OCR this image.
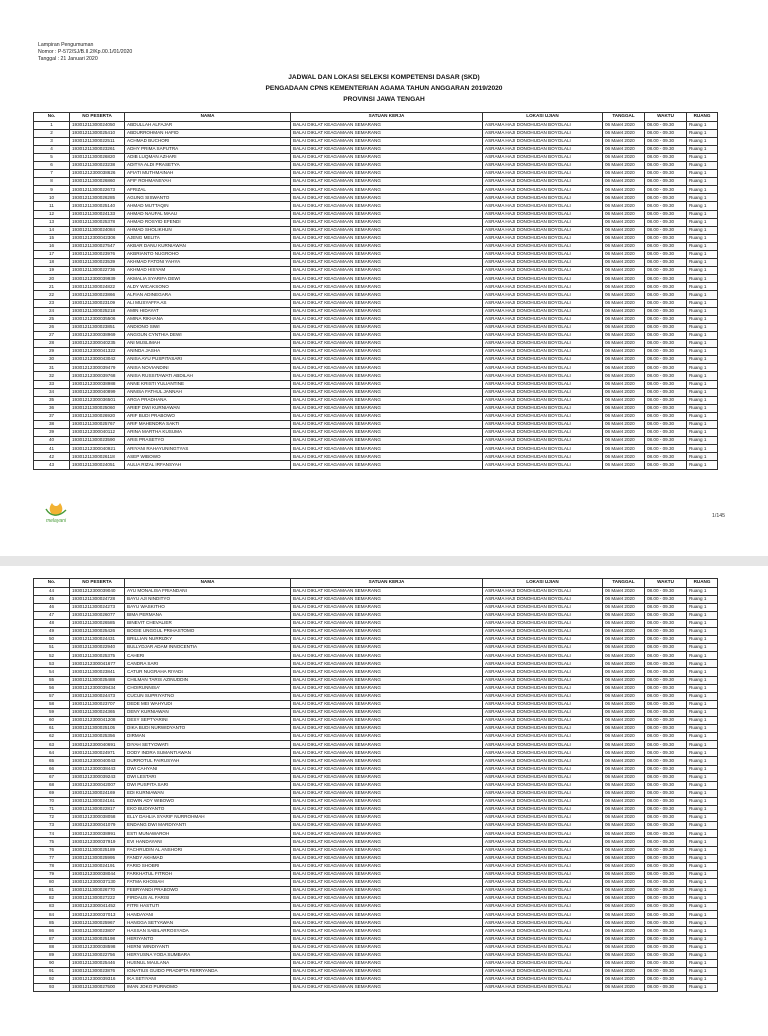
Lampiran Pengumuman
Nomor : P-572/SJ/B.II.2/Kp.00.1/01/2020
Tanggal : 21 Januari 2020
JADWAL DAN LOKASI SELEKSI KOMPETENSI DASAR (SKD)
PENGADAAN CPNS KEMENTERIAN AGAMA TAHUN ANGGARAN 2019/2020
PROVINSI JAWA TENGAH
No.	NO PESERTA	NAMA	SATUAN KERJA	LOKASI UJIAN	TANGGAL	WAKTU	RUANG
1	19301211300024050	ABDULLAH ALFAJAR	BALAI DIKLAT KEAGAMAAN SEMARANG	ASRAMA HAJI DONOHUDAN BOYOLALI	06 Maret 2020	08.00 - 09.30	Ruang 1
2	19301211300025410	ABDURROHMAN HAFID	BALAI DIKLAT KEAGAMAAN SEMARANG	ASRAMA HAJI DONOHUDAN BOYOLALI	06 Maret 2020	08.00 - 09.30	Ruang 1
3	19301211300022511	ACHMAD BUCHORI	BALAI DIKLAT KEAGAMAAN SEMARANG	ASRAMA HAJI DONOHUDAN BOYOLALI	06 Maret 2020	08.00 - 09.30	Ruang 1
4	19301211300023261	ADHY PRIMA SAPUTRA	BALAI DIKLAT KEAGAMAAN SEMARANG	ASRAMA HAJI DONOHUDAN BOYOLALI	06 Maret 2020	08.00 - 09.30	Ruang 1
5	19301211300026820	ADIB LUQMAN AZHARI	BALAI DIKLAT KEAGAMAAN SEMARANG	ASRAMA HAJI DONOHUDAN BOYOLALI	06 Maret 2020	08.00 - 09.30	Ruang 1
6	19301211300023238	ADITYA ALDI PRASETYA	BALAI DIKLAT KEAGAMAAN SEMARANG	ASRAMA HAJI DONOHUDAN BOYOLALI	06 Maret 2020	08.00 - 09.30	Ruang 1
7	19301212300038626	AFIATI MUTHMAINAH	BALAI DIKLAT KEAGAMAAN SEMARANG	ASRAMA HAJI DONOHUDAN BOYOLALI	06 Maret 2020	08.00 - 09.30	Ruang 1
8	19301211300026860	AFIF ROHMANSYAH	BALAI DIKLAT KEAGAMAAN SEMARANG	ASRAMA HAJI DONOHUDAN BOYOLALI	06 Maret 2020	08.00 - 09.30	Ruang 1
9	19301211300022673	AFRIZAL	BALAI DIKLAT KEAGAMAAN SEMARANG	ASRAMA HAJI DONOHUDAN BOYOLALI	06 Maret 2020	08.00 - 09.30	Ruang 1
10	19301211300026285	AGUNG SISWANTO	BALAI DIKLAT KEAGAMAAN SEMARANG	ASRAMA HAJI DONOHUDAN BOYOLALI	06 Maret 2020	08.00 - 09.30	Ruang 1
11	19301211300025140	AHMAD MUTTAQIN	BALAI DIKLAT KEAGAMAAN SEMARANG	ASRAMA HAJI DONOHUDAN BOYOLALI	06 Maret 2020	08.00 - 09.30	Ruang 1
12	19301211300024133	AHMAD NAUFAL MAAU	BALAI DIKLAT KEAGAMAAN SEMARANG	ASRAMA HAJI DONOHUDAN BOYOLALI	06 Maret 2020	08.00 - 09.30	Ruang 1
13	19301211300025378	AHMAD ROSYID EFENDI	BALAI DIKLAT KEAGAMAAN SEMARANG	ASRAMA HAJI DONOHUDAN BOYOLALI	06 Maret 2020	08.00 - 09.30	Ruang 1
14	19301211300024084	AHMAD SHOLIKHUN	BALAI DIKLAT KEAGAMAAN SEMARANG	ASRAMA HAJI DONOHUDAN BOYOLALI	06 Maret 2020	08.00 - 09.30	Ruang 1
15	19301212300042306	AJENG MELITA	BALAI DIKLAT KEAGAMAAN SEMARANG	ASRAMA HAJI DONOHUDAN BOYOLALI	06 Maret 2020	08.00 - 09.30	Ruang 1
16	19301211300027547	AKBAR DANU KURNIAWAN	BALAI DIKLAT KEAGAMAAN SEMARANG	ASRAMA HAJI DONOHUDAN BOYOLALI	06 Maret 2020	08.00 - 09.30	Ruang 1
17	19301211300023976	AKBRIANTO NUGROHO	BALAI DIKLAT KEAGAMAAN SEMARANG	ASRAMA HAJI DONOHUDAN BOYOLALI	06 Maret 2020	08.00 - 09.30	Ruang 1
18	19301211300023539	AKHMAD FATONI YAHYA	BALAI DIKLAT KEAGAMAAN SEMARANG	ASRAMA HAJI DONOHUDAN BOYOLALI	06 Maret 2020	08.00 - 09.30	Ruang 1
19	19301211300022736	AKHMAD HISYAM	BALAI DIKLAT KEAGAMAAN SEMARANG	ASRAMA HAJI DONOHUDAN BOYOLALI	06 Maret 2020	08.00 - 09.30	Ruang 1
20	19301212300039939	AKMALIA SYARIFA DEWI	BALAI DIKLAT KEAGAMAAN SEMARANG	ASRAMA HAJI DONOHUDAN BOYOLALI	06 Maret 2020	08.00 - 09.30	Ruang 1
21	19301211300024822	ALDY WICAKSONO	BALAI DIKLAT KEAGAMAAN SEMARANG	ASRAMA HAJI DONOHUDAN BOYOLALI	06 Maret 2020	08.00 - 09.30	Ruang 1
22	19301211300023866	ALFIAN ADINEGARA	BALAI DIKLAT KEAGAMAAN SEMARANG	ASRAMA HAJI DONOHUDAN BOYOLALI	06 Maret 2020	08.00 - 09.30	Ruang 1
23	19301211300023109	ALI MUSYAFFA AS	BALAI DIKLAT KEAGAMAAN SEMARANG	ASRAMA HAJI DONOHUDAN BOYOLALI	06 Maret 2020	08.00 - 09.30	Ruang 1
24	19301211300025218	AMIN HIDAYAT	BALAI DIKLAT KEAGAMAAN SEMARANG	ASRAMA HAJI DONOHUDAN BOYOLALI	06 Maret 2020	08.00 - 09.30	Ruang 1
25	19301212300035506	AMINA RIKHANA	BALAI DIKLAT KEAGAMAAN SEMARANG	ASRAMA HAJI DONOHUDAN BOYOLALI	06 Maret 2020	08.00 - 09.30	Ruang 1
26	19301211300023851	ANDIONO SIWI	BALAI DIKLAT KEAGAMAAN SEMARANG	ASRAMA HAJI DONOHUDAN BOYOLALI	06 Maret 2020	08.00 - 09.30	Ruang 1
27	19301212300038969	ANGGUN CYNTHIA DEWI	BALAI DIKLAT KEAGAMAAN SEMARANG	ASRAMA HAJI DONOHUDAN BOYOLALI	06 Maret 2020	08.00 - 09.30	Ruang 1
28	19301212300040235	ANI MUSLIMAH	BALAI DIKLAT KEAGAMAAN SEMARANG	ASRAMA HAJI DONOHUDAN BOYOLALI	06 Maret 2020	08.00 - 09.30	Ruang 1
29	19301212300041322	ANINDA JASHA	BALAI DIKLAT KEAGAMAAN SEMARANG	ASRAMA HAJI DONOHUDAN BOYOLALI	06 Maret 2020	08.00 - 09.30	Ruang 1
30	19301212300043042	ANISA AYU PUSPITASARI	BALAI DIKLAT KEAGAMAAN SEMARANG	ASRAMA HAJI DONOHUDAN BOYOLALI	06 Maret 2020	08.00 - 09.30	Ruang 1
31	19301212300039479	ANISA NOVIANDINI	BALAI DIKLAT KEAGAMAAN SEMARANG	ASRAMA HAJI DONOHUDAN BOYOLALI	06 Maret 2020	08.00 - 09.30	Ruang 1
32	19301212300039768	ANISA RUSSITAWATI ABDILAH	BALAI DIKLAT KEAGAMAAN SEMARANG	ASRAMA HAJI DONOHUDAN BOYOLALI	06 Maret 2020	08.00 - 09.30	Ruang 1
33	19301212300038988	ANNE KRISTI YULIANTINE	BALAI DIKLAT KEAGAMAAN SEMARANG	ASRAMA HAJI DONOHUDAN BOYOLALI	06 Maret 2020	08.00 - 09.30	Ruang 1
34	19301212300040899	ANNISA FATHUL JANNAH	BALAI DIKLAT KEAGAMAAN SEMARANG	ASRAMA HAJI DONOHUDAN BOYOLALI	06 Maret 2020	08.00 - 09.30	Ruang 1
35	19301212300036501	ARGA PRADHANA	BALAI DIKLAT KEAGAMAAN SEMARANG	ASRAMA HAJI DONOHUDAN BOYOLALI	06 Maret 2020	08.00 - 09.30	Ruang 1
36	19301211300025060	ARIEF DWI KURNIAWAN	BALAI DIKLAT KEAGAMAAN SEMARANG	ASRAMA HAJI DONOHUDAN BOYOLALI	06 Maret 2020	08.00 - 09.30	Ruang 1
37	19301211300026920	ARIF BUDI PRABOWO	BALAI DIKLAT KEAGAMAAN SEMARANG	ASRAMA HAJI DONOHUDAN BOYOLALI	06 Maret 2020	08.00 - 09.30	Ruang 1
38	19301211300025767	ARIF MAHENDRA SAKTI	BALAI DIKLAT KEAGAMAAN SEMARANG	ASRAMA HAJI DONOHUDAN BOYOLALI	06 Maret 2020	08.00 - 09.30	Ruang 1
39	19301212300040112	ARINA MARTHA KUSUMA	BALAI DIKLAT KEAGAMAAN SEMARANG	ASRAMA HAJI DONOHUDAN BOYOLALI	06 Maret 2020	08.00 - 09.30	Ruang 1
40	19301211300023590	ARIS PRASETYO	BALAI DIKLAT KEAGAMAAN SEMARANG	ASRAMA HAJI DONOHUDAN BOYOLALI	06 Maret 2020	08.00 - 09.30	Ruang 1
41	19301212300040921	ARIYANI RAHAYUNINGTYAS	BALAI DIKLAT KEAGAMAAN SEMARANG	ASRAMA HAJI DONOHUDAN BOYOLALI	06 Maret 2020	08.00 - 09.30	Ruang 1
42	19301211300026118	ASEP WIBOWO	BALAI DIKLAT KEAGAMAAN SEMARANG	ASRAMA HAJI DONOHUDAN BOYOLALI	06 Maret 2020	08.00 - 09.30	Ruang 1
43	19301211300024051	AULIA RIZAL IRFANSYAH	BALAI DIKLAT KEAGAMAAN SEMARANG	ASRAMA HAJI DONOHUDAN BOYOLALI	06 Maret 2020	08.00 - 09.30	Ruang 1
melayani
1/145
No.	NO PESERTA	NAMA	SATUAN KERJA	LOKASI UJIAN	TANGGAL	WAKTU	RUANG
44	19301212300039040	AYU MONALISA FRIANDANI	BALAI DIKLAT KEAGAMAAN SEMARANG	ASRAMA HAJI DONOHUDAN BOYOLALI	06 Maret 2020	08.00 - 09.30	Ruang 1
45	19301211300024728	BAYU AJI NINDITYO	BALAI DIKLAT KEAGAMAAN SEMARANG	ASRAMA HAJI DONOHUDAN BOYOLALI	06 Maret 2020	08.00 - 09.30	Ruang 1
46	19301211300024273	BAYU WASKITHO	BALAI DIKLAT KEAGAMAAN SEMARANG	ASRAMA HAJI DONOHUDAN BOYOLALI	06 Maret 2020	08.00 - 09.30	Ruang 1
47	19301211300026077	BIMA PERMANA	BALAI DIKLAT KEAGAMAAN SEMARANG	ASRAMA HAJI DONOHUDAN BOYOLALI	06 Maret 2020	08.00 - 09.30	Ruang 1
48	19301211300026585	BINEVIT CHEVALIER	BALAI DIKLAT KEAGAMAAN SEMARANG	ASRAMA HAJI DONOHUDAN BOYOLALI	06 Maret 2020	08.00 - 09.30	Ruang 1
49	19301211300025426	BOGIE UNGGUL PRIHASTOMO	BALAI DIKLAT KEAGAMAAN SEMARANG	ASRAMA HAJI DONOHUDAN BOYOLALI	06 Maret 2020	08.00 - 09.30	Ruang 1
50	19301211300024431	BRILLIAN NURRIZKY	BALAI DIKLAT KEAGAMAAN SEMARANG	ASRAMA HAJI DONOHUDAN BOYOLALI	06 Maret 2020	08.00 - 09.30	Ruang 1
51	19301211300022940	BULLYDJAR ADAM INNOCENTIA	BALAI DIKLAT KEAGAMAAN SEMARANG	ASRAMA HAJI DONOHUDAN BOYOLALI	06 Maret 2020	08.00 - 09.30	Ruang 1
52	19301211300025375	CAHERI	BALAI DIKLAT KEAGAMAAN SEMARANG	ASRAMA HAJI DONOHUDAN BOYOLALI	06 Maret 2020	08.00 - 09.30	Ruang 1
53	19301212300041677	CANDRA SARI	BALAI DIKLAT KEAGAMAAN SEMARANG	ASRAMA HAJI DONOHUDAN BOYOLALI	06 Maret 2020	08.00 - 09.30	Ruang 1
54	19301211300023841	CATUR NUGRAHA RIYADI	BALAI DIKLAT KEAGAMAAN SEMARANG	ASRAMA HAJI DONOHUDAN BOYOLALI	06 Maret 2020	08.00 - 09.30	Ruang 1
55	19301211300025488	CHILMAN TARIS AZINUDDIN	BALAI DIKLAT KEAGAMAAN SEMARANG	ASRAMA HAJI DONOHUDAN BOYOLALI	06 Maret 2020	08.00 - 09.30	Ruang 1
56	19301212300039434	CHOIRUNNISA'	BALAI DIKLAT KEAGAMAAN SEMARANG	ASRAMA HAJI DONOHUDAN BOYOLALI	06 Maret 2020	08.00 - 09.30	Ruang 1
57	19301211300024473	CUCUN SUPRIYATNO	BALAI DIKLAT KEAGAMAAN SEMARANG	ASRAMA HAJI DONOHUDAN BOYOLALI	06 Maret 2020	08.00 - 09.30	Ruang 1
58	19301211300023707	DEDE MEI WAHYUDI	BALAI DIKLAT KEAGAMAAN SEMARANG	ASRAMA HAJI DONOHUDAN BOYOLALI	06 Maret 2020	08.00 - 09.30	Ruang 1
59	19301211300024365	DENY KURNIAWAN	BALAI DIKLAT KEAGAMAAN SEMARANG	ASRAMA HAJI DONOHUDAN BOYOLALI	06 Maret 2020	08.00 - 09.30	Ruang 1
60	19301212300041208	DESY SEPTYARINI	BALAI DIKLAT KEAGAMAAN SEMARANG	ASRAMA HAJI DONOHUDAN BOYOLALI	06 Maret 2020	08.00 - 09.30	Ruang 1
61	19301211300025105	DIKA BUDI NURWIDYANTO	BALAI DIKLAT KEAGAMAAN SEMARANG	ASRAMA HAJI DONOHUDAN BOYOLALI	06 Maret 2020	08.00 - 09.30	Ruang 1
62	19301211300025356	DIRMAN	BALAI DIKLAT KEAGAMAAN SEMARANG	ASRAMA HAJI DONOHUDAN BOYOLALI	06 Maret 2020	08.00 - 09.30	Ruang 1
63	19301212300040691	DIYAH SETYOWATI	BALAI DIKLAT KEAGAMAAN SEMARANG	ASRAMA HAJI DONOHUDAN BOYOLALI	06 Maret 2020	08.00 - 09.30	Ruang 1
64	19301211300024971	DODY INDRA SUMANTIAWAN	BALAI DIKLAT KEAGAMAAN SEMARANG	ASRAMA HAJI DONOHUDAN BOYOLALI	06 Maret 2020	08.00 - 09.30	Ruang 1
65	19301212300040043	DURROTUL FAIRUSYAH	BALAI DIKLAT KEAGAMAAN SEMARANG	ASRAMA HAJI DONOHUDAN BOYOLALI	06 Maret 2020	08.00 - 09.30	Ruang 1
66	19301212300038443	DWI CAHYANI	BALAI DIKLAT KEAGAMAAN SEMARANG	ASRAMA HAJI DONOHUDAN BOYOLALI	06 Maret 2020	08.00 - 09.30	Ruang 1
67	19301212300039243	DWI LESTARI	BALAI DIKLAT KEAGAMAAN SEMARANG	ASRAMA HAJI DONOHUDAN BOYOLALI	06 Maret 2020	08.00 - 09.30	Ruang 1
68	19301212300042007	DWI PUSPITA SARI	BALAI DIKLAT KEAGAMAAN SEMARANG	ASRAMA HAJI DONOHUDAN BOYOLALI	06 Maret 2020	08.00 - 09.30	Ruang 1
69	19301211300024169	EDI KURNIAWAN	BALAI DIKLAT KEAGAMAAN SEMARANG	ASRAMA HAJI DONOHUDAN BOYOLALI	06 Maret 2020	08.00 - 09.30	Ruang 1
70	19301211300024161	EDWIN ADY WIBOWO	BALAI DIKLAT KEAGAMAAN SEMARANG	ASRAMA HAJI DONOHUDAN BOYOLALI	06 Maret 2020	08.00 - 09.30	Ruang 1
71	19301211300022817	EKO BUDIYANTO	BALAI DIKLAT KEAGAMAAN SEMARANG	ASRAMA HAJI DONOHUDAN BOYOLALI	06 Maret 2020	08.00 - 09.30	Ruang 1
72	19301212300038058	ELLY DAHLIA SYARIF NURROHMAH	BALAI DIKLAT KEAGAMAAN SEMARANG	ASRAMA HAJI DONOHUDAN BOYOLALI	06 Maret 2020	08.00 - 09.30	Ruang 1
73	19301212300041079	ENDANG DWI MARDIYANTI	BALAI DIKLAT KEAGAMAAN SEMARANG	ASRAMA HAJI DONOHUDAN BOYOLALI	06 Maret 2020	08.00 - 09.30	Ruang 1
74	19301212300038991	ESTI MUNAWAROH	BALAI DIKLAT KEAGAMAAN SEMARANG	ASRAMA HAJI DONOHUDAN BOYOLALI	06 Maret 2020	08.00 - 09.30	Ruang 1
75	19301212300037919	EVI HANDAYANI	BALAI DIKLAT KEAGAMAAN SEMARANG	ASRAMA HAJI DONOHUDAN BOYOLALI	06 Maret 2020	08.00 - 09.30	Ruang 1
76	19301211300025189	FACHRUDIN AL ANSHORI	BALAI DIKLAT KEAGAMAAN SEMARANG	ASRAMA HAJI DONOHUDAN BOYOLALI	06 Maret 2020	08.00 - 09.30	Ruang 1
77	19301211300025995	FANDY AKHMAD	BALAI DIKLAT KEAGAMAAN SEMARANG	ASRAMA HAJI DONOHUDAN BOYOLALI	06 Maret 2020	08.00 - 09.30	Ruang 1
78	19301211300024191	FARID SHOBRI	BALAI DIKLAT KEAGAMAAN SEMARANG	ASRAMA HAJI DONOHUDAN BOYOLALI	06 Maret 2020	08.00 - 09.30	Ruang 1
79	19301212300038044	FARKHATUL FITROH	BALAI DIKLAT KEAGAMAAN SEMARANG	ASRAMA HAJI DONOHUDAN BOYOLALI	06 Maret 2020	08.00 - 09.30	Ruang 1
80	19301212300037130	FATMA KHOSIAH	BALAI DIKLAT KEAGAMAAN SEMARANG	ASRAMA HAJI DONOHUDAN BOYOLALI	06 Maret 2020	08.00 - 09.30	Ruang 1
81	19301211300026770	FEBRYANDI PRABOWO	BALAI DIKLAT KEAGAMAAN SEMARANG	ASRAMA HAJI DONOHUDAN BOYOLALI	06 Maret 2020	08.00 - 09.30	Ruang 1
82	19301211300027222	FIRDAUS AL FARISI	BALAI DIKLAT KEAGAMAAN SEMARANG	ASRAMA HAJI DONOHUDAN BOYOLALI	06 Maret 2020	08.00 - 09.30	Ruang 1
83	19301212300041452	FITRI HASTUTI	BALAI DIKLAT KEAGAMAAN SEMARANG	ASRAMA HAJI DONOHUDAN BOYOLALI	06 Maret 2020	08.00 - 09.30	Ruang 1
84	19301212300037013	HANDAYANI	BALAI DIKLAT KEAGAMAAN SEMARANG	ASRAMA HAJI DONOHUDAN BOYOLALI	06 Maret 2020	08.00 - 09.30	Ruang 1
85	19301211300025967	HANGGA SETYAWAN	BALAI DIKLAT KEAGAMAAN SEMARANG	ASRAMA HAJI DONOHUDAN BOYOLALI	06 Maret 2020	08.00 - 09.30	Ruang 1
86	19301211300023807	HASSAN SABILARROSYADA	BALAI DIKLAT KEAGAMAAN SEMARANG	ASRAMA HAJI DONOHUDAN BOYOLALI	06 Maret 2020	08.00 - 09.30	Ruang 1
87	19301211300025198	HERIYANTO	BALAI DIKLAT KEAGAMAAN SEMARANG	ASRAMA HAJI DONOHUDAN BOYOLALI	06 Maret 2020	08.00 - 09.30	Ruang 1
88	19301212300038598	HERNI WINDIYANTI	BALAI DIKLAT KEAGAMAAN SEMARANG	ASRAMA HAJI DONOHUDAN BOYOLALI	06 Maret 2020	08.00 - 09.30	Ruang 1
89	19301211300022756	HERYUSNA YODA SUMBARA	BALAI DIKLAT KEAGAMAAN SEMARANG	ASRAMA HAJI DONOHUDAN BOYOLALI	06 Maret 2020	08.00 - 09.30	Ruang 1
90	19301211300025446	HUSNUL MAULANA	BALAI DIKLAT KEAGAMAAN SEMARANG	ASRAMA HAJI DONOHUDAN BOYOLALI	06 Maret 2020	08.00 - 09.30	Ruang 1
91	19301211300023876	IGNATIUS GUIDO PRADIPTA FERRYANDA	BALAI DIKLAT KEAGAMAAN SEMARANG	ASRAMA HAJI DONOHUDAN BOYOLALI	06 Maret 2020	08.00 - 09.30	Ruang 1
92	19301212300039316	IKA SETIYANI	BALAI DIKLAT KEAGAMAAN SEMARANG	ASRAMA HAJI DONOHUDAN BOYOLALI	06 Maret 2020	08.00 - 09.30	Ruang 1
93	19301211300027500	IMAN JOKO PURNOMO	BALAI DIKLAT KEAGAMAAN SEMARANG	ASRAMA HAJI DONOHUDAN BOYOLALI	06 Maret 2020	08.00 - 09.30	Ruang 1
